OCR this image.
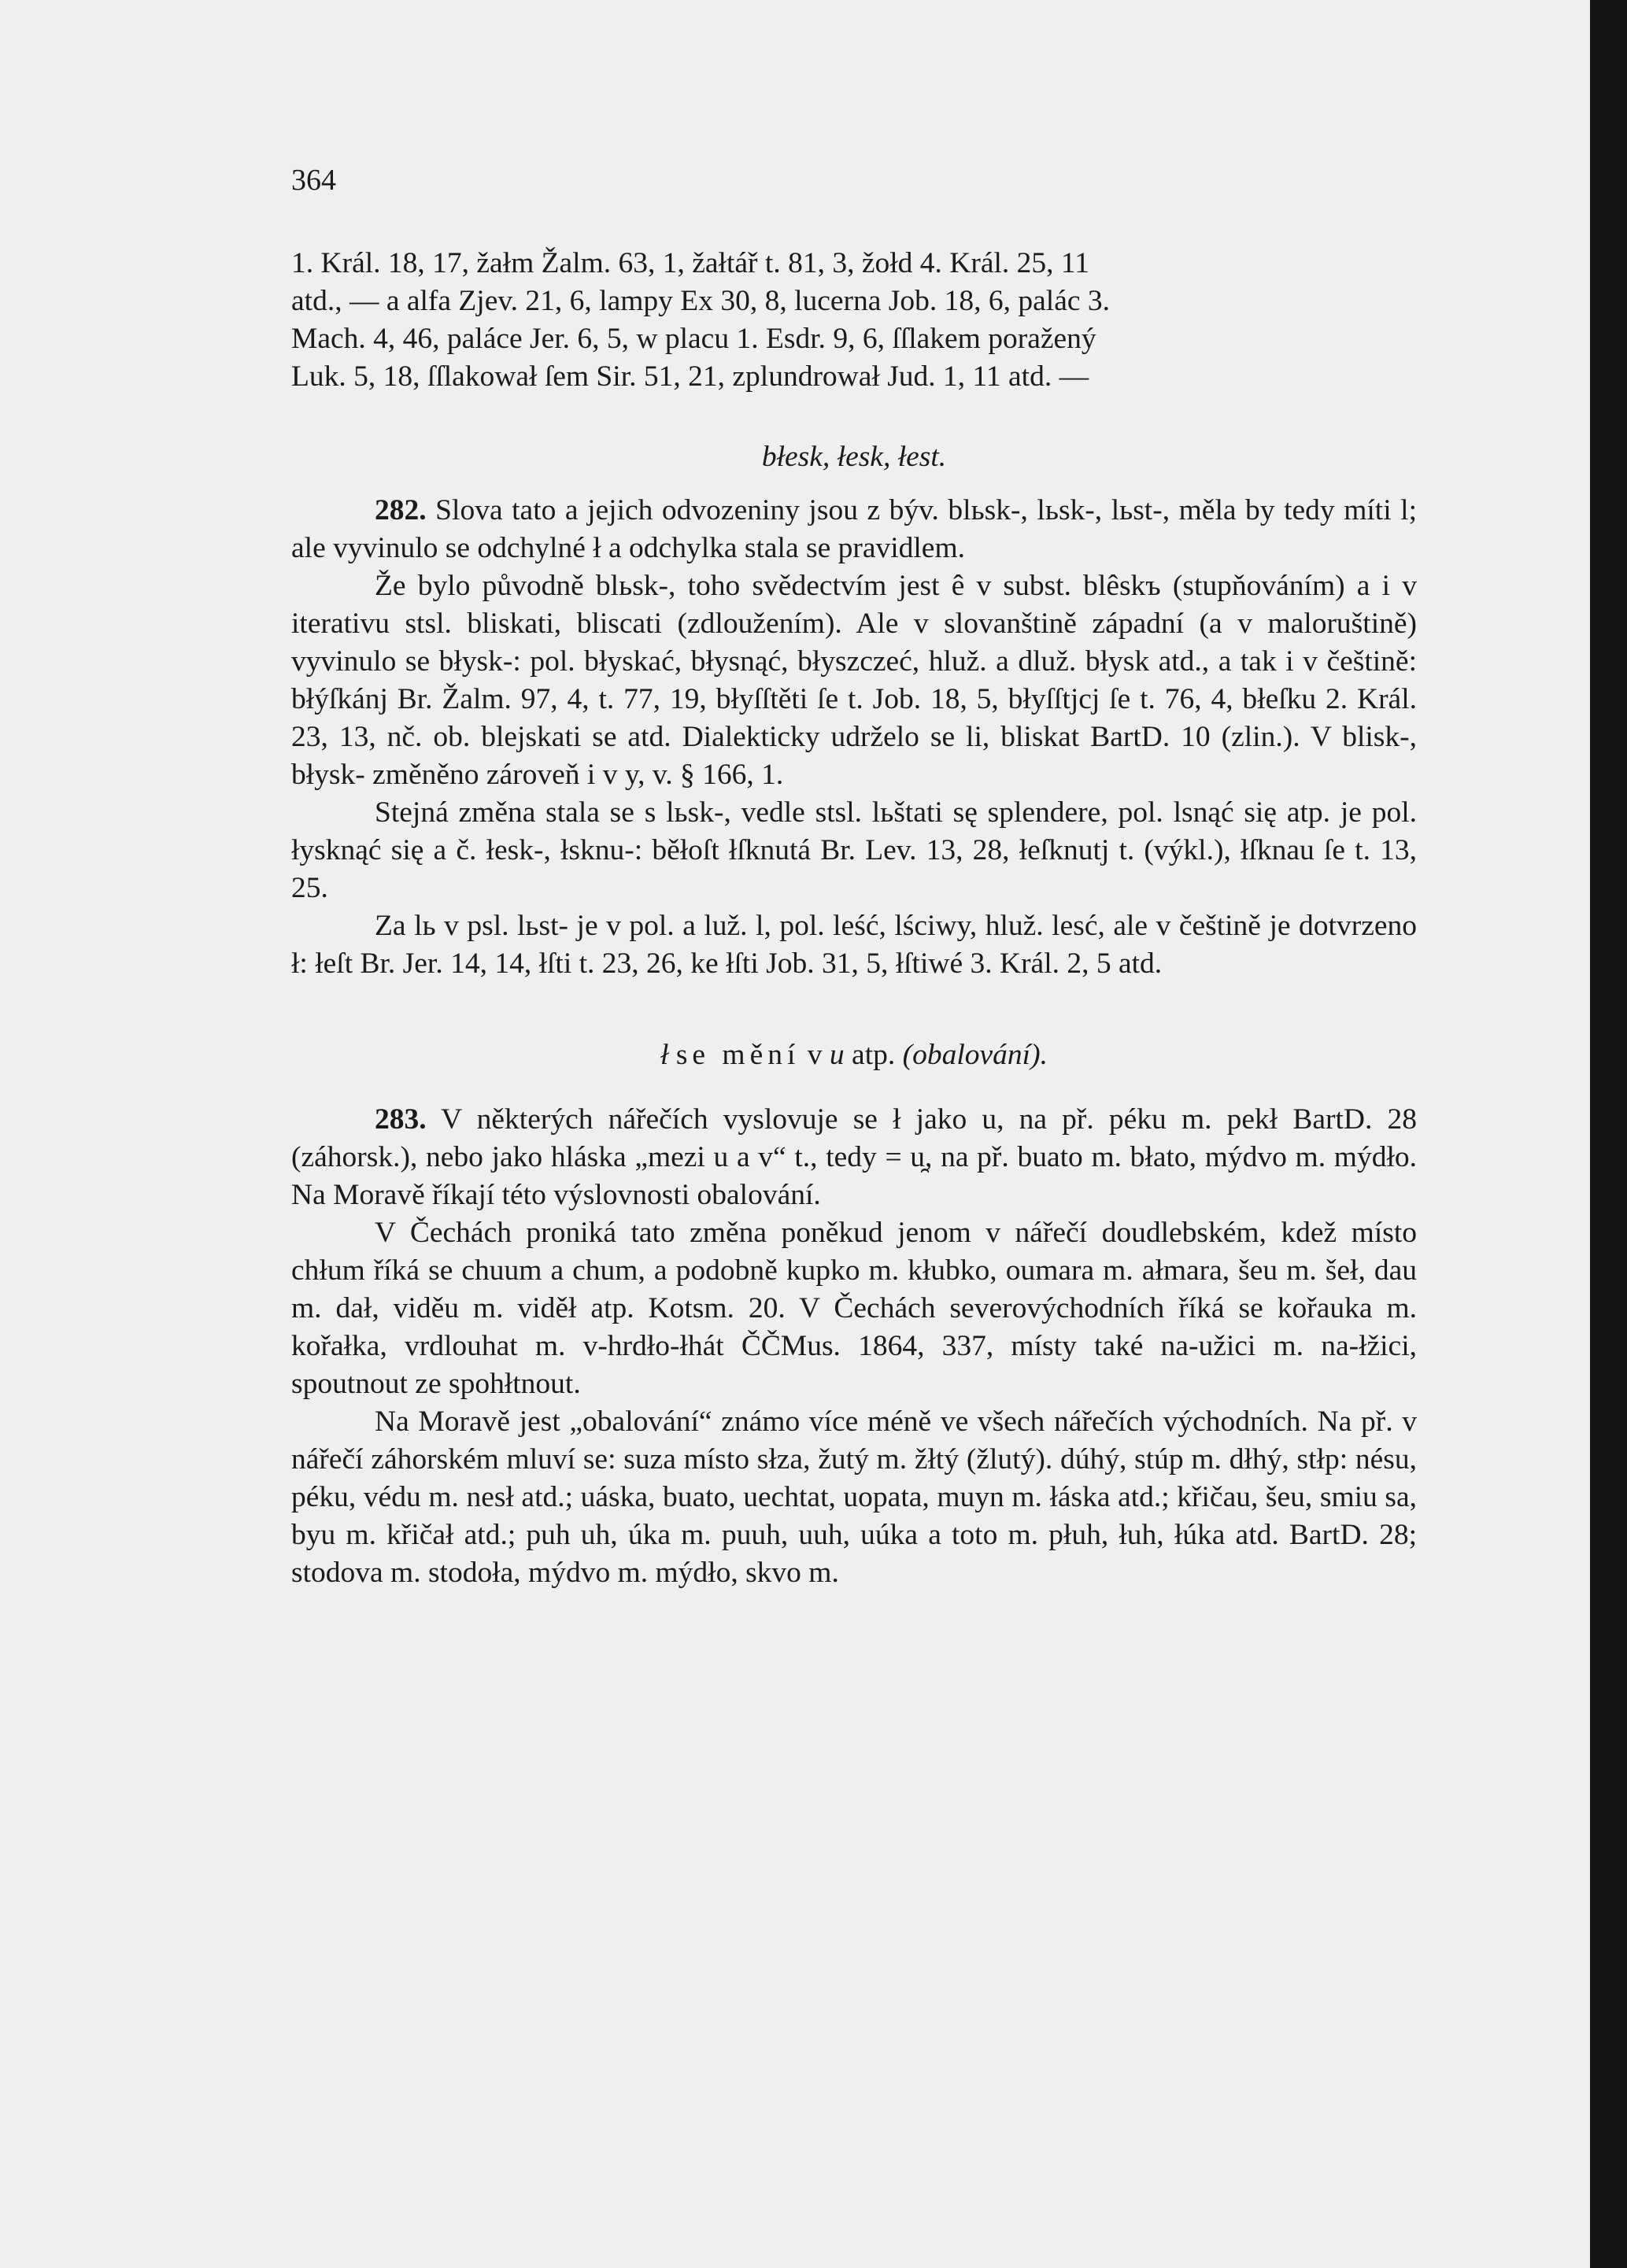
364
1. Král. 18, 17, žałm Žalm. 63, 1, žałtář t. 81, 3, žołd 4. Král. 25, 11
atd., — a alfa Zjev. 21, 6, lampy Ex 30, 8, lucerna Job. 18, 6, palác 3.
Mach. 4, 46, paláce Jer. 6, 5, w placu 1. Esdr. 9, 6, ſſlakem poražený
Luk. 5, 18, ſſlakował ſem Sir. 51, 21, zplundrował Jud. 1, 11 atd. —
błesk, łesk, łest.

282. Slova tato a jejich odvozeniny jsou z býv. blьsk-, lьsk-, lьst-, měla by tedy míti l; ale vyvinulo se odchylné ł a odchylka stala se pravidlem.

Že bylo původně blьsk-, toho svědectvím jest ê v subst. blêskъ (stupňováním) a i v iterativu stsl. bliskati, bliscati (zdloužením). Ale v slovanštině západní (a v maloruštině) vyvinulo se błysk-: pol. błyskać, błysnąć, błyszczeć, hluž. a dluž. błysk atd., a tak i v češtině: błýſkánj Br. Žalm. 97, 4, t. 77, 19, błyſſtěti ſe t. Job. 18, 5, błyſſtjcj ſe t. 76, 4, błeſku 2. Král. 23, 13, nč. ob. blejskati se atd. Dialekticky udrželo se li, bliskat BartD. 10 (zlin.). V blisk-, błysk- změněno zároveň i v y, v. § 166, 1.

Stejná změna stala se s lьsk-, vedle stsl. lьštati sę splendere, pol. lsnąć się atp. je pol. łysknąć się a č. łesk-, łsknu-: běłoſt łſknutá Br. Lev. 13, 28, łeſknutj t. (výkl.), łſknau ſe t. 13, 25.

Za lь v psl. lьst- je v pol. a luž. l, pol. leść, lściwy, hluž. lesć, ale v češtině je dotvrzeno ł: łeſt Br. Jer. 14, 14, łſti t. 23, 26, ke łſti Job. 31, 5, łſtiwé 3. Král. 2, 5 atd.

ł se mění v u atp. (obalování).

283. V některých nářečích vyslovuje se ł jako u, na př. péku m. pekł BartD. 28 (záhorsk.), nebo jako hláska „mezi u a v“ t., tedy = u̯, na př. buato m. błato, mýdvo m. mýdło. Na Moravě říkají této výslovnosti obalování.

V Čechách proniká tato změna poněkud jenom v nářečí doudlebském, kdež místo chłum říká se chuum a chum, a podobně kupko m. kłubko, oumara m. ałmara, šeu m. šeł, dau m. dał, viděu m. viděł atp. Kotsm. 20. V Čechách severovýchodních říká se kořauka m. kořałka, vrdlouhat m. v-hrdło-łhát ČČMus. 1864, 337, místy také na-užici m. na-łžici, spoutnout ze spohłtnout.

Na Moravě jest „obalování“ známo více méně ve všech nářečích východních. Na př. v nářečí záhorském mluví se: suza místo słza, žutý m. žłtý (žlutý). dúhý, stúp m. dłhý, stłp: nésu, péku, védu m. nesł atd.; uáska, buato, uechtat, uopata, muyn m. łáska atd.; křičau, šeu, smiu sa, byu m. křičał atd.; puh uh, úka m. puuh, uuh, uúka a toto m. płuh, łuh, łúka atd. BartD. 28; stodova m. stodoła, mýdvo m. mýdło, skvo m.
